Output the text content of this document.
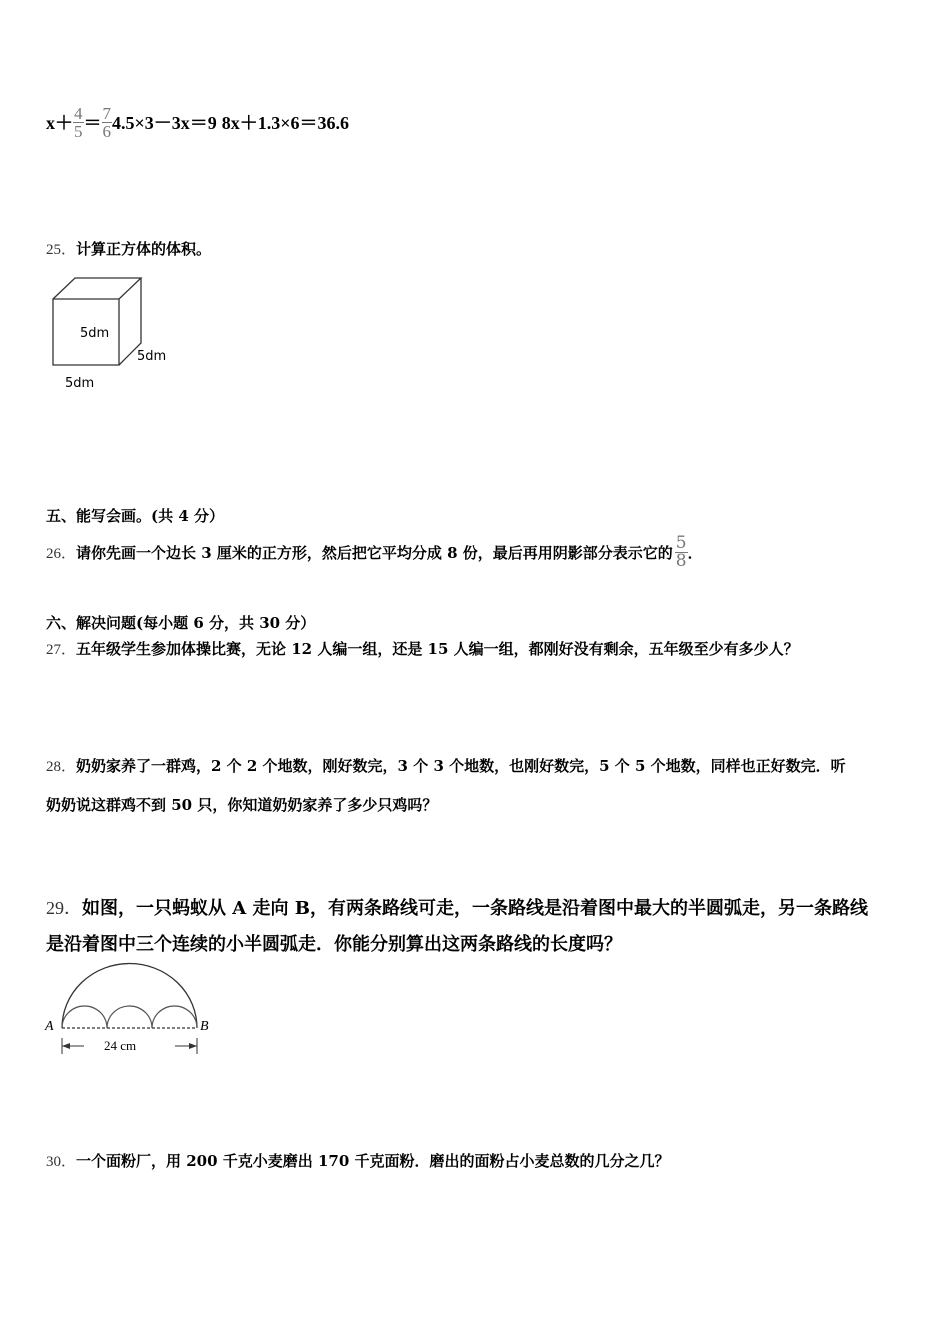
$x+ \frac{4}{5} = \frac{7}{6} 4.5\times 3-3x=9$ 8x＋1.3×6＝36.6
25．计算正方体的体积。
5dm
5dm
5dm
五、能写会画。(共 4 分）
26． 请你先画一个边长 3 厘米的正方形，然后把它平均分成 8 份，最后再用阴影部分表示它的 $\frac{5}{8}$ ．
六、解决问题(每小题 6 分，共 30 分）
27．五年级学生参加体操比赛，无论 12 人编一组，还是 15 人编一组，都刚好没有剩余，五年级至少有多少人？
28．奶奶家养了一群鸡，2 个 2 个地数，刚好数完，3 个 3 个地数，也刚好数完，5 个 5 个地数，同样也正好数完．听
奶奶说这群鸡不到 50 只，你知道奶奶家养了多少只鸡吗？
29．如图，一只蚂蚁从 A 走向 B，有两条路线可走，一条路线是沿着图中最大的半圆弧走，另一条路线
是沿着图中三个连续的小半圆弧走．你能分别算出这两条路线的长度吗？
A	B
24 cm
30．一个面粉厂，用 200 千克小麦磨出 170 千克面粉．磨出的面粉占小麦总数的几分之几？
